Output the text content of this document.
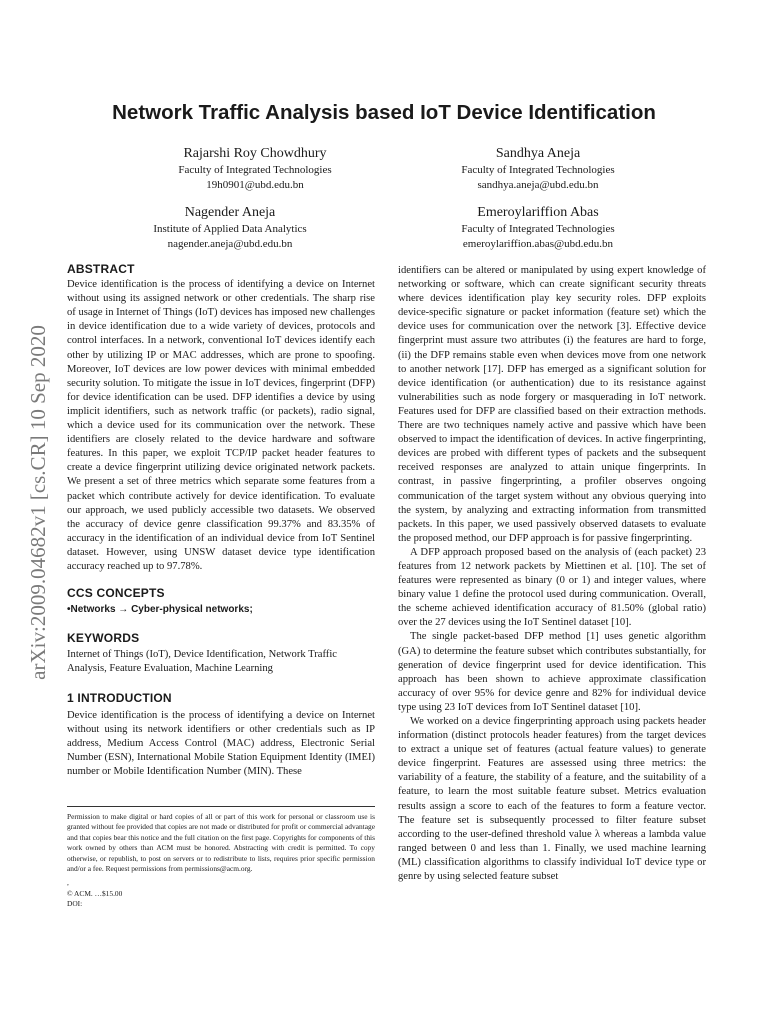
arXiv:2009.04682v1 [cs.CR] 10 Sep 2020
Network Traffic Analysis based IoT Device Identification
Rajarshi Roy Chowdhury
Faculty of Integrated Technologies
19h0901@ubd.edu.bn
Sandhya Aneja
Faculty of Integrated Technologies
sandhya.aneja@ubd.edu.bn
Nagender Aneja
Institute of Applied Data Analytics
nagender.aneja@ubd.edu.bn
Emeroylariffion Abas
Faculty of Integrated Technologies
emeroylariffion.abas@ubd.edu.bn
ABSTRACT

Device identification is the process of identifying a device on Internet without using its assigned network or other credentials. The sharp rise of usage in Internet of Things (IoT) devices has imposed new challenges in device identification due to a wide variety of devices, protocols and control interfaces. In a network, conventional IoT devices identify each other by utilizing IP or MAC addresses, which are prone to spoofing. Moreover, IoT devices are low power devices with minimal embedded security solution. To mitigate the issue in IoT devices, fingerprint (DFP) for device identification can be used. DFP identifies a device by using implicit identifiers, such as network traffic (or packets), radio signal, which a device used for its communication over the network. These identifiers are closely related to the device hardware and software features. In this paper, we exploit TCP/IP packet header features to create a device fingerprint utilizing device originated network packets. We present a set of three metrics which separate some features from a packet which contribute actively for device identification. To evaluate our approach, we used publicly accessible two datasets. We observed the accuracy of device genre classification 99.37% and 83.35% of accuracy in the identification of an individual device from IoT Sentinel dataset. However, using UNSW dataset device type identification accuracy reached up to 97.78%.

CCS CONCEPTS

•Networks → Cyber-physical networks;

KEYWORDS

Internet of Things (IoT), Device Identification, Network Traffic Analysis, Feature Evaluation, Machine Learning

1 INTRODUCTION

Device identification is the process of identifying a device on Internet without using its network identifiers or other credentials such as IP address, Medium Access Control (MAC) address, Electronic Serial Number (ESN), International Mobile Station Equipment Identity (IMEI) number or Mobile Identification Number (MIN). These

Permission to make digital or hard copies of all or part of this work for personal or classroom use is granted without fee provided that copies are not made or distributed for profit or commercial advantage and that copies bear this notice and the full citation on the first page. Copyrights for components of this work owned by others than ACM must be honored. Abstracting with credit is permitted. To copy otherwise, or republish, to post on servers or to redistribute to lists, requires prior specific permission and/or a fee. Request permissions from permissions@acm.org.
,
© ACM. …$15.00
DOI:

identifiers can be altered or manipulated by using expert knowledge of networking or software, which can create significant security threats where devices identification play key security roles. DFP exploits device-specific signature or packet information (feature set) which the device uses for communication over the network [3]. Effective device fingerprint must assure two attributes (i) the features are hard to forge, (ii) the DFP remains stable even when devices move from one network to another network [17]. DFP has emerged as a significant solution for device identification (or authentication) due to its resistance against vulnerabilities such as node forgery or masquerading in IoT network. Features used for DFP are classified based on their extraction methods. There are two techniques namely active and passive which have been observed to impact the identification of devices. In active fingerprinting, devices are probed with different types of packets and the subsequent received responses are analyzed to attain unique fingerprints. In contrast, in passive fingerprinting, a profiler observes ongoing communication of the target system without any obvious querying into the system, by analyzing and extracting information from transmitted packets. In this paper, we used passively observed datasets to evaluate the proposed method, our DFP approach is for passive fingerprinting.

A DFP approach proposed based on the analysis of (each packet) 23 features from 12 network packets by Miettinen et al. [10]. The set of features were represented as binary (0 or 1) and integer values, where binary value 1 define the protocol used during communication. Overall, the scheme achieved identification accuracy of 81.50% (global ratio) over the 27 devices using the IoT Sentinel dataset [10].

The single packet-based DFP method [1] uses genetic algorithm (GA) to determine the feature subset which contributes substantially, for generation of device fingerprint used for device identification. This approach has been shown to achieve approximate classification accuracy of over 95% for device genre and 82% for individual device type using 23 IoT devices from IoT Sentinel dataset [10].

We worked on a device fingerprinting approach using packets header information (distinct protocols header features) from the target devices to extract a unique set of features (actual feature values) to generate device fingerprint. Features are assessed using three metrics: the variability of a feature, the stability of a feature, and the suitability of a feature, to learn the most suitable feature subset. Metrics evaluation results assign a score to each of the features to form a feature vector. The feature set is subsequently processed to filter feature subset according to the user-defined threshold value λ whereas a lambda value ranged between 0 and less than 1. Finally, we used machine learning (ML) classification algorithms to classify individual IoT device type or genre by using selected feature subset
